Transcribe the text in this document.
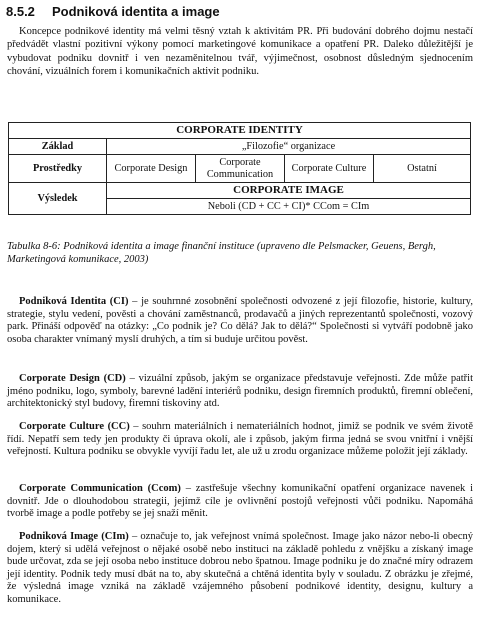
8.5.2 Podniková identita a image

Koncepce podnikové identity má velmi těsný vztah k aktivitám PR. Při budování dobrého dojmu nestačí předvádět vlastní pozitivní výkony pomocí marketingové komunikace a opatření PR. Daleko důležitější je vybudovat podniku dovnitř i ven nezaměnitelnou tvář, výjimečnost, osobnost důsledným sjednocením chování, vizuálních forem i komunikačních aktivit podniku.

CORPORATE IDENTITY				
Základ	„Filozofie“ organizace			
Prostředky	Corporate Design	Corporate Communication	Corporate Culture	Ostatní
Výsledek	CORPORATE IMAGE			
	Neboli (CD + CC + CI)* CCom = CIm			

Tabulka 8-6: Podniková identita a image finanční instituce (upraveno dle Pelsmacker, Geuens, Bergh, Marketingová komunikace, 2003)

Podniková Identita (CI) – je souhrnné zosobnění společnosti odvozené z její filozofie, historie, kultury, strategie, stylu vedení, pověsti a chování zaměstnanců, prodavačů a jiných reprezentantů společnosti, vozový park. Přináší odpověď na otázky: „Co podnik je? Co dělá? Jak to dělá?“ Společnosti si vytváří podobně jako osoba charakter vnímaný myslí druhých, a tím si buduje určitou pověst.

Corporate Design (CD) – vizuální způsob, jakým se organizace představuje veřejnosti. Zde může patřit jméno podniku, logo, symboly, barevné ladění interiérů podniku, design firemních produktů, firemní oblečení, architektonický styl budovy, firemní tiskoviny atd.

Corporate Culture (CC) – souhrn materiálních i nemateriálních hodnot, jimiž se podnik ve svém životě řídí. Nepatří sem tedy jen produkty či úprava okolí, ale i způsob, jakým firma jedná se svou vnitřní i vnější veřejností. Kultura podniku se obvykle vyvíjí řadu let, ale už u zrodu organizace můžeme položit její základy.

Corporate Communication (Ccom) – zastřešuje všechny komunikační opatření organizace navenek i dovnitř. Jde o dlouhodobou strategii, jejímž cíle je ovlivnění postojů veřejnosti vůči podniku. Napomáhá tvorbě image a podle potřeby se jej snaží měnit.

Podniková Image (CIm) – označuje to, jak veřejnost vnímá společnost. Image jako názor nebo-li obecný dojem, který si udělá veřejnost o nějaké osobě nebo instituci na základě pohledu z vnějšku a získaný image bude určovat, zda se její osoba nebo instituce dobrou nebo špatnou. Image podniku je do značné míry odrazem její identity. Podnik tedy musí dbát na to, aby skutečná a chtěná identita byly v souladu. Z obrázku je zřejmé, že výsledná image vzniká na základě vzájemného působení podnikové identity, designu, kultury a komunikace.
